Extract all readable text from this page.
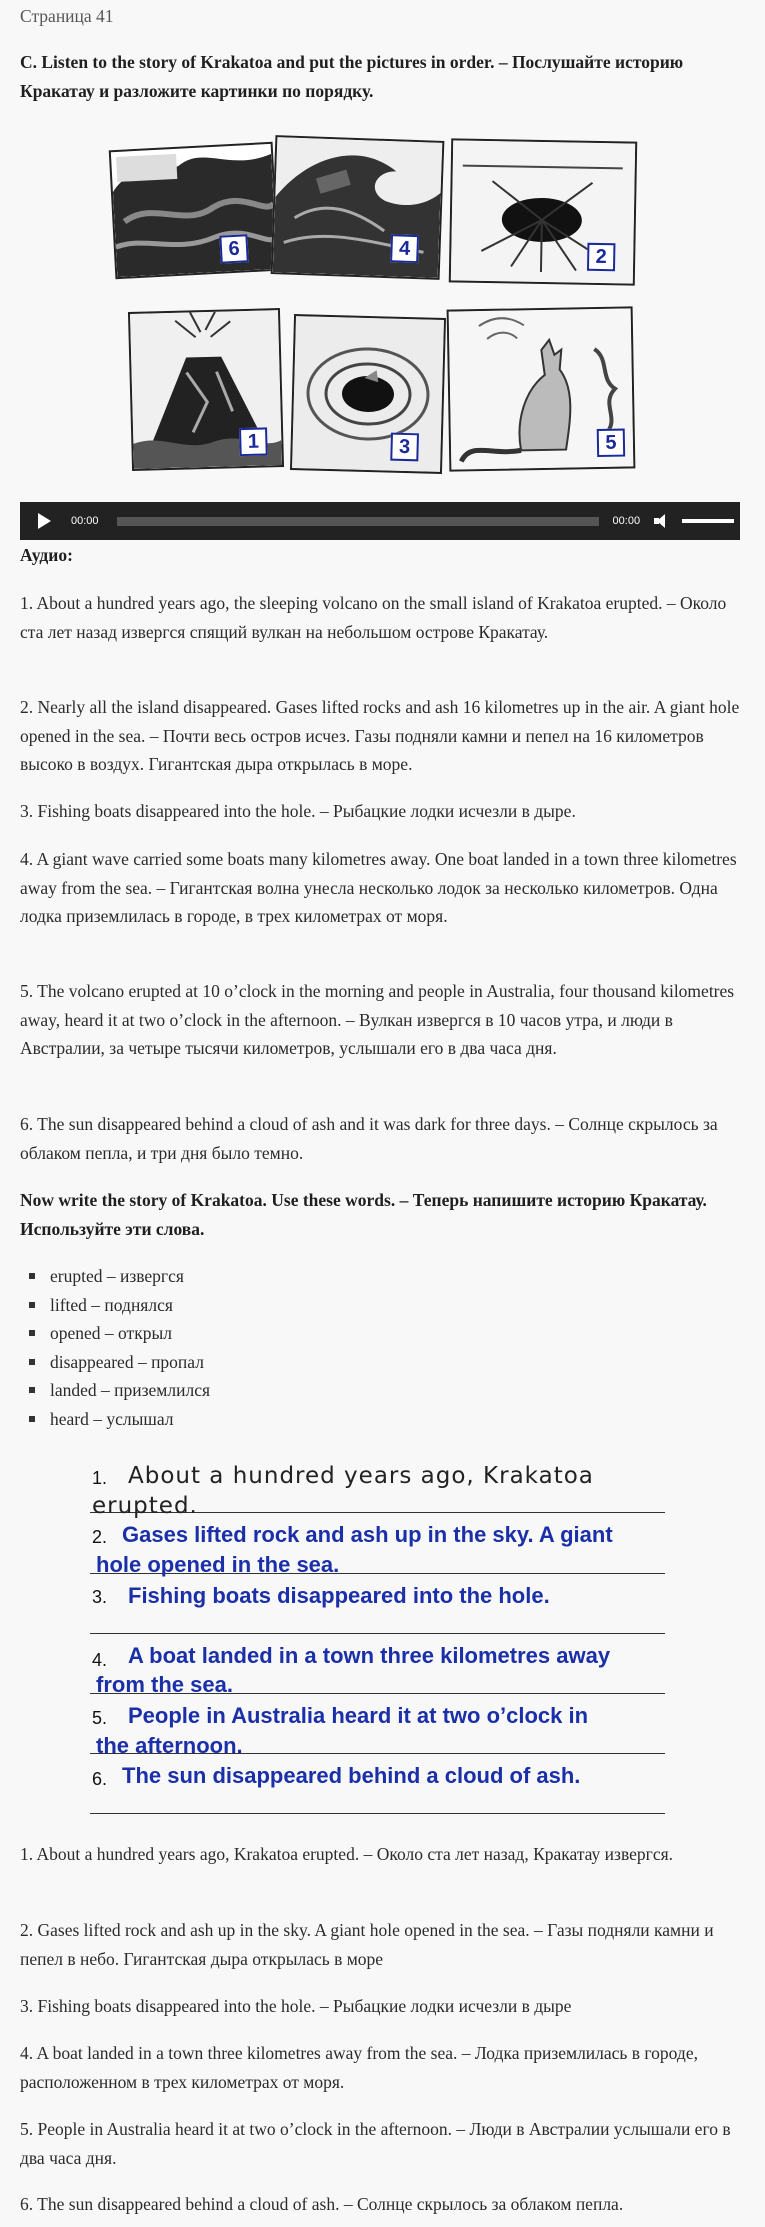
Страница 41

C. Listen to the story of Krakatoa and put the pictures in order. – Послушайте историю Кракатау и разложите картинки по порядку.

6	4	2
1	3	5
00:00	00:00

Аудио:

1. About a hundred years ago, the sleeping volcano on the small island of Krakatoa erupted. – Около ста лет назад извергся спящий вулкан на небольшом острове Кракатау.

2. Nearly all the island disappeared. Gases lifted rocks and ash 16 kilometres up in the air. A giant hole opened in the sea. – Почти весь остров исчез. Газы подняли камни и пепел на 16 километров высоко в воздух. Гигантская дыра открылась в море.

3. Fishing boats disappeared into the hole. – Рыбацкие лодки исчезли в дыре.

4. A giant wave carried some boats many kilometres away. One boat landed in a town three kilometres away from the sea. – Гигантская волна унесла несколько лодок за несколько километров. Одна лодка приземлилась в городе, в трех километрах от моря.

5. The volcano erupted at 10 o’clock in the morning and people in Australia, four thousand kilometres away, heard it at two o’clock in the afternoon. – Вулкан извергся в 10 часов утра, и люди в Австралии, за четыре тысячи километров, услышали его в два часа дня.

6. The sun disappeared behind a cloud of ash and it was dark for three days. – Солнце скрылось за облаком пепла, и три дня было темно.

Now write the story of Krakatoa. Use these words. – Теперь напишите историю Кракатау. Используйте эти слова.

erupted – извергся
lifted – поднялся
opened – открыл
disappeared – пропал
landed – приземлился
heard – услышал
1. About a hundred years ago, Krakatoa
erupted.
2. Gases lifted rock and ash up in the sky. A giant
hole opened in the sea.
3. Fishing boats disappeared into the hole.
4. A boat landed in a town three kilometres away
from the sea.
5. People in Australia heard it at two o’clock in
the afternoon.
6. The sun disappeared behind a cloud of ash.

1. About a hundred years ago, Krakatoa erupted. – Около ста лет назад, Кракатау извергся.

2. Gases lifted rock and ash up in the sky. A giant hole opened in the sea. – Газы подняли камни и пепел в небо. Гигантская дыра открылась в море

3. Fishing boats disappeared into the hole. – Рыбацкие лодки исчезли в дыре

4. A boat landed in a town three kilometres away from the sea. – Лодка приземлилась в городе, расположенном в трех километрах от моря.

5. People in Australia heard it at two o’clock in the afternoon. – Люди в Австралии услышали его в два часа дня.

6. The sun disappeared behind a cloud of ash. – Солнце скрылось за облаком пепла.
